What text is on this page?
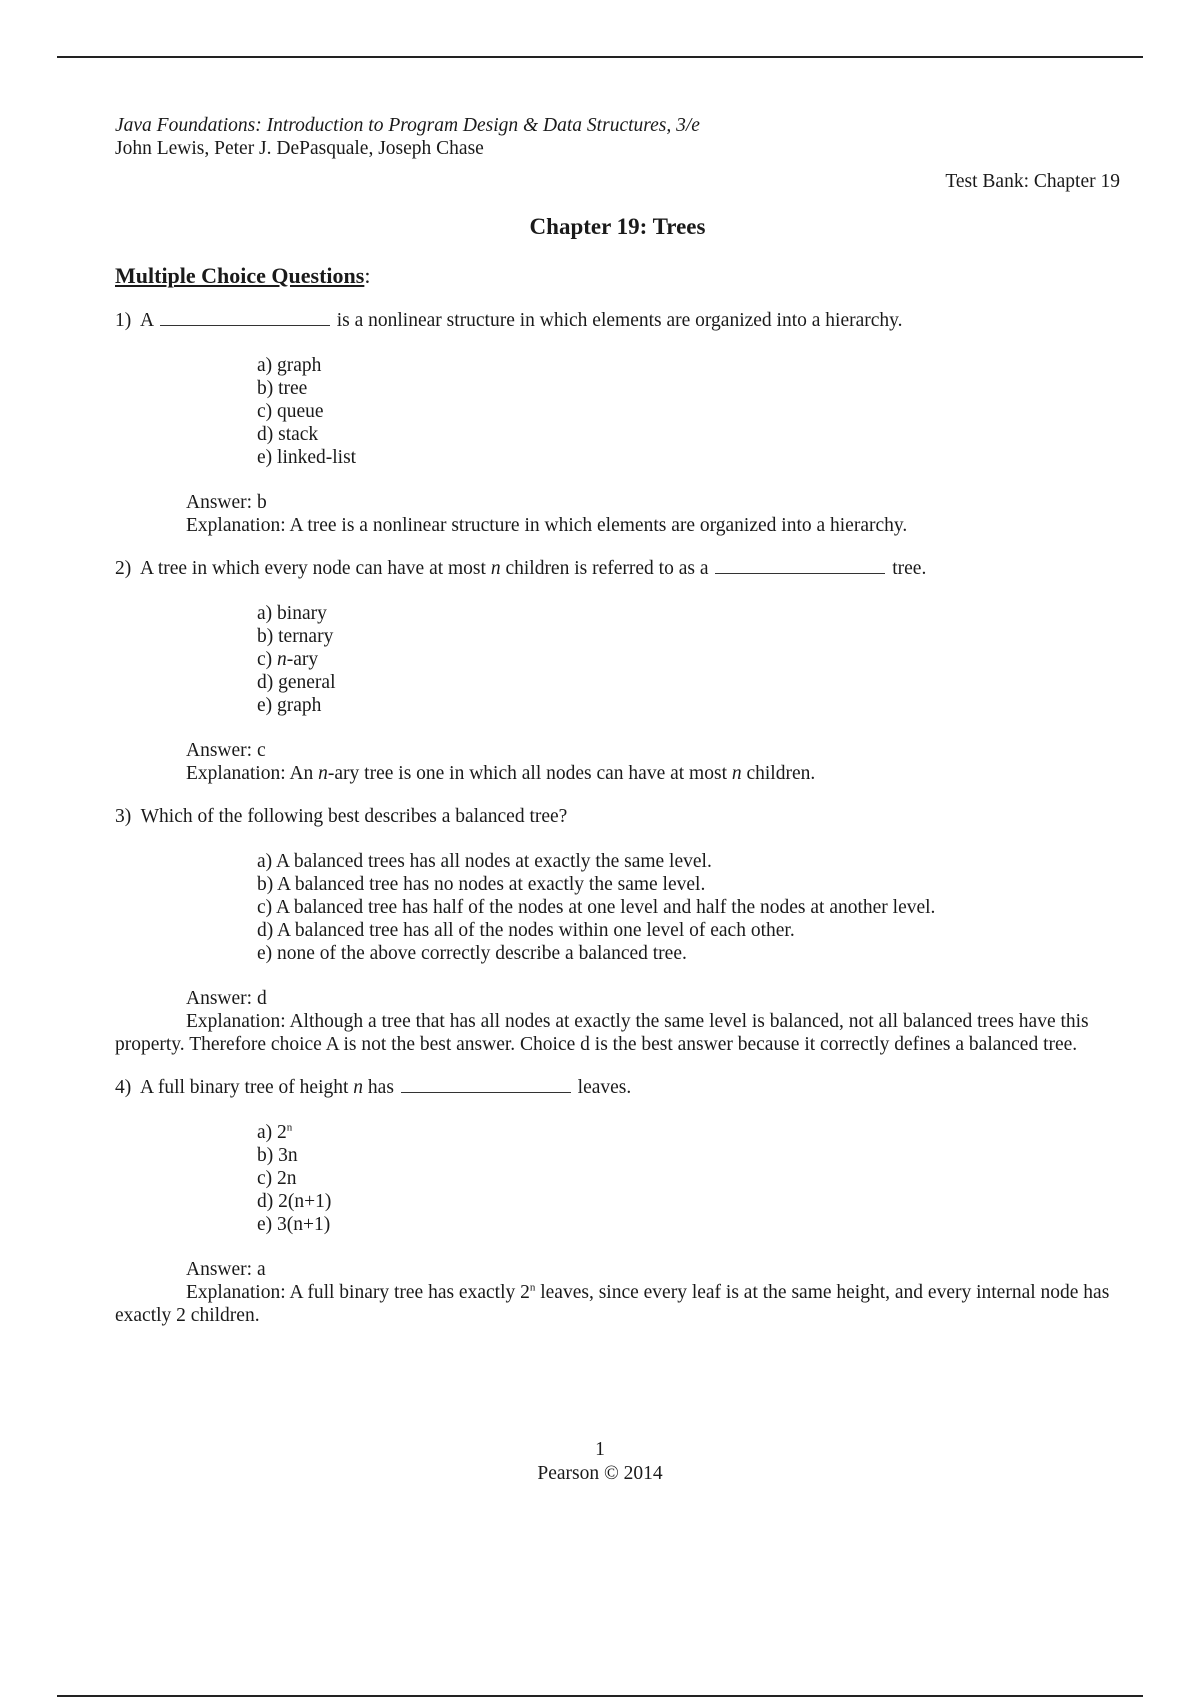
Java Foundations: Introduction to Program Design & Data Structures, 3/e
John Lewis, Peter J. DePasquale, Joseph Chase
Test Bank: Chapter 19
Chapter 19: Trees
Multiple Choice Questions:
1) A	is a nonlinear structure in which elements are organized into a hierarchy.
a) graph
b) tree
c) queue
d) stack
e) linked-list
Answer: b
Explanation: A tree is a nonlinear structure in which elements are organized into a hierarchy.
2) A tree in which every node can have at most n children is referred to as a	tree.
a) binary
b) ternary
c) n-ary
d) general
e) graph
Answer: c
Explanation: An n-ary tree is one in which all nodes can have at most n children.
3) Which of the following best describes a balanced tree?
a) A balanced trees has all nodes at exactly the same level.
b) A balanced tree has no nodes at exactly the same level.
c) A balanced tree has half of the nodes at one level and half the nodes at another level.
d) A balanced tree has all of the nodes within one level of each other.
e) none of the above correctly describe a balanced tree.
Answer: d
Explanation: Although a tree that has all nodes at exactly the same level is balanced, not all balanced trees have this property. Therefore choice A is not the best answer. Choice d is the best answer because it correctly defines a balanced tree.
4) A full binary tree of height n has	leaves.
a) 2$^n$
b) 3n
c) 2n
d) 2(n+1)
e) 3(n+1)
Answer: a
Explanation: A full binary tree has exactly 2$^n$ leaves, since every leaf is at the same height, and every internal node has exactly 2 children.
1
Pearson © 2014
